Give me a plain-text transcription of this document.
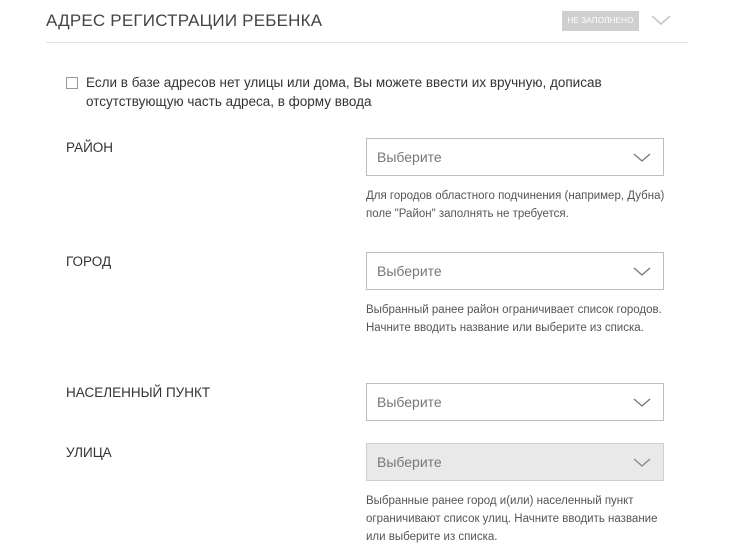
АДРЕС РЕГИСТРАЦИИ РЕБЕНКА	НЕ ЗАПОЛНЕНО
Если в базе адресов нет улицы или дома, Вы можете ввести их вручную, дописав отсутствующую часть адреса, в форму ввода
РАЙОН
Выберите
Для городов областного подчинения (например, Дубна) поле "Район" заполнять не требуется.
ГОРОД
Выберите
Выбранный ранее район ограничивает список городов. Начните вводить название или выберите из списка.
НАСЕЛЕННЫЙ ПУНКТ
Выберите
УЛИЦА
Выберите
Выбранные ранее город и(или) населенный пункт ограничивают список улиц. Начните вводить название или выберите из списка.
